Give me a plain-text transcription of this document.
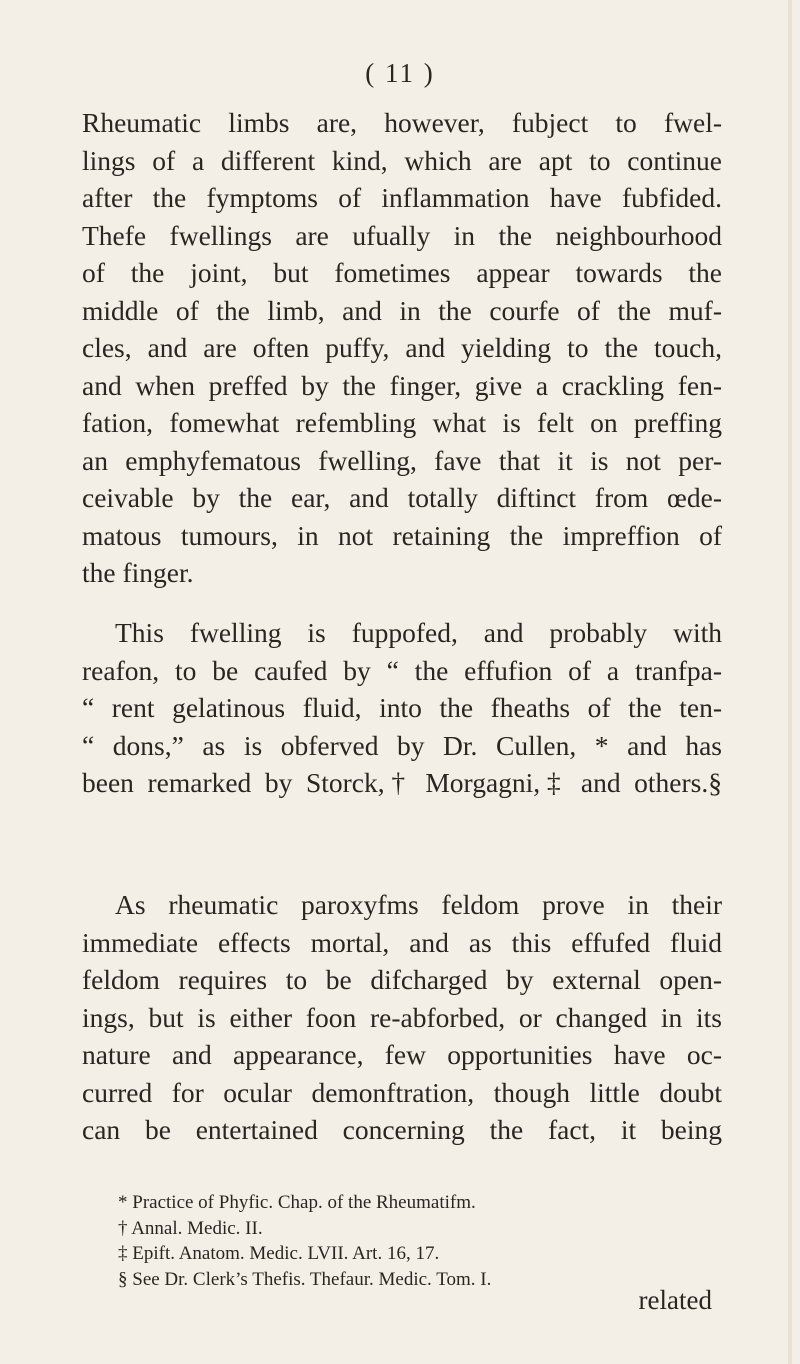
( 11 )
Rheumatic limbs are, however, fubject to fwel-
lings of a different kind, which are apt to continue
after the fymptoms of inflammation have fubfided.
Thefe fwellings are ufually in the neighbourhood
of the joint, but fometimes appear towards the
middle of the limb, and in the courfe of the muf-
cles, and are often puffy, and yielding to the touch,
and when preffed by the finger, give a crackling fen-
fation, fomewhat refembling what is felt on preffing
an emphyfematous fwelling, fave that it is not per-
ceivable by the ear, and totally diftinct from œde-
matous tumours, in not retaining the impreffion of
the finger.
This fwelling is fuppofed, and probably with
reafon, to be caufed by “ the effufion of a tranfpa-
“ rent gelatinous fluid, into the fheaths of the ten-
“ dons,” as is obferved by Dr. Cullen, * and has
been remarked by Storck,† Morgagni,‡ and others.§
As rheumatic paroxyfms feldom prove in their
immediate effects mortal, and as this effufed fluid
feldom requires to be difcharged by external open-
ings, but is either foon re-abforbed, or changed in its
nature and appearance, few opportunities have oc-
curred for ocular demonftration, though little doubt
can be entertained concerning the fact, it being
* Practice of Phyfic. Chap. of the Rheumatifm.
† Annal. Medic. II.
‡ Epift. Anatom. Medic. LVII. Art. 16, 17.
§ See Dr. Clerk’s Thefis. Thefaur. Medic. Tom. I.
related
